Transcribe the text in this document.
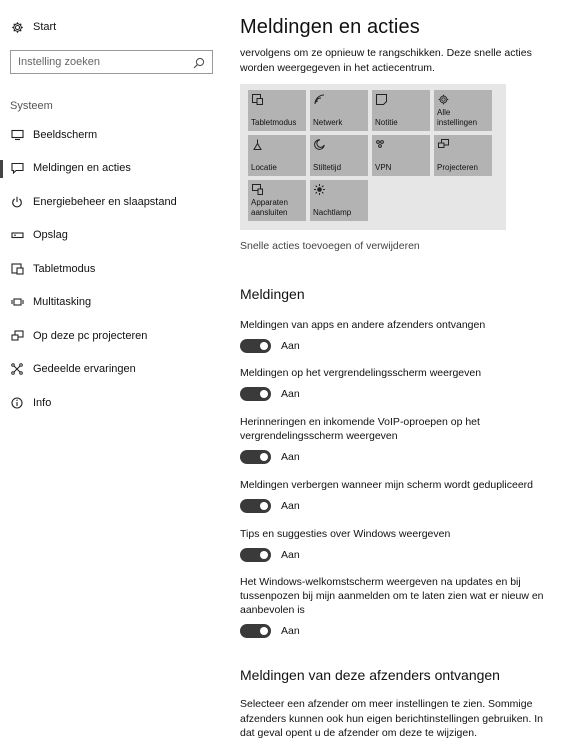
Start
Instelling zoeken
Systeem
Beeldscherm
Meldingen en acties
Energiebeheer en slaapstand
Opslag
Tabletmodus
Multitasking
Op deze pc projecteren
Gedeelde ervaringen
Info
Meldingen en acties

vervolgens om ze opnieuw te rangschikken. Deze snelle acties worden weergegeven in het actiecentrum.

Tabletmodus	Netwerk	Notitie
Alle instellingen
Locatie	Stiltetijd	VPN	Projecteren
Apparaten aansluiten	Nachtlamp
Snelle acties toevoegen of verwijderen
Meldingen
Meldingen van apps en andere afzenders ontvangen
Aan
Meldingen op het vergrendelingsscherm weergeven
Aan
Herinneringen en inkomende VoIP-oproepen op het vergrendelingsscherm weergeven
Aan
Meldingen verbergen wanneer mijn scherm wordt gedupliceerd
Aan
Tips en suggesties over Windows weergeven
Aan
Het Windows-welkomstscherm weergeven na updates en bij tussenpozen bij mijn aanmelden om te laten zien wat er nieuw en aanbevolen is
Aan
Meldingen van deze afzenders ontvangen

Selecteer een afzender om meer instellingen te zien. Sommige afzenders kunnen ook hun eigen berichtinstellingen gebruiken. In dat geval opent u de afzender om deze te wijzigen.
